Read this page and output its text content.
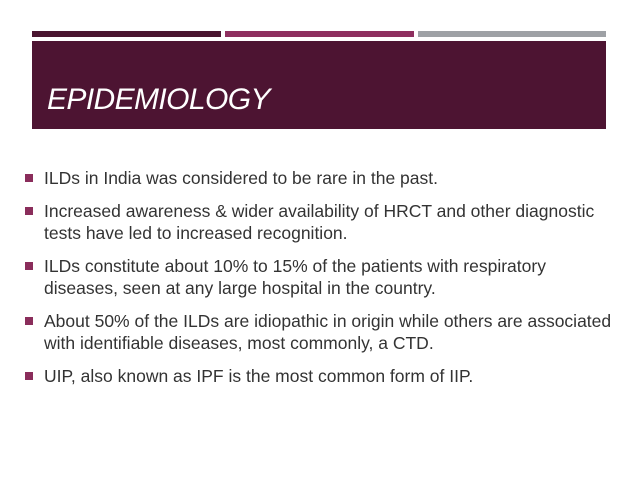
EPIDEMIOLOGY
ILDs in India was considered to be rare in the past.
Increased awareness & wider availability of HRCT and other diagnostic tests have led to increased recognition.
ILDs constitute about 10% to 15% of the patients with respiratory diseases, seen at any large hospital in the country.
About 50% of the ILDs are idiopathic in origin while others are associated with identifiable diseases, most commonly, a CTD.
UIP, also known as IPF is the most common form of IIP.
